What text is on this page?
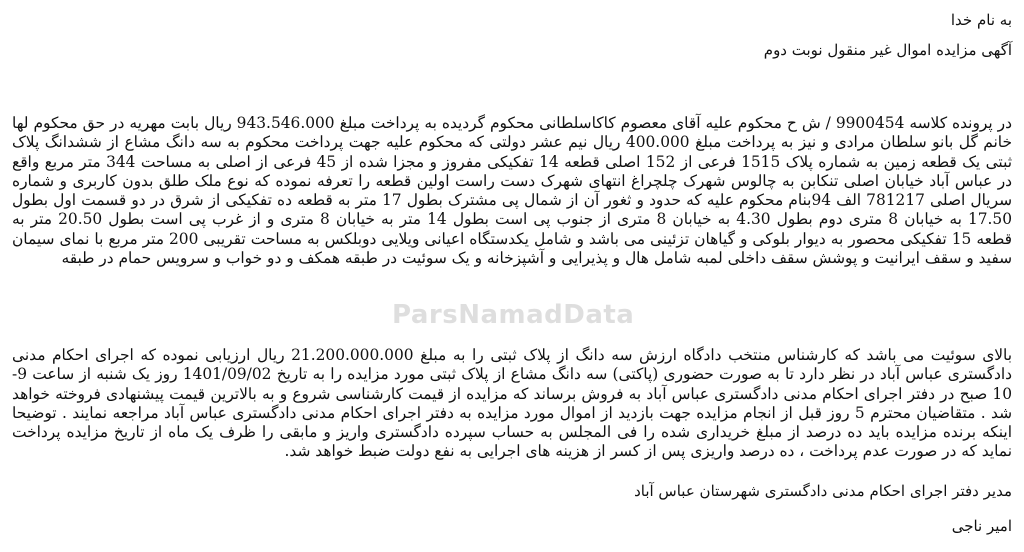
به نام خدا
آگهی مزایده اموال غیر منقول نوبت دوم

در پرونده کلاسه 9900454 / ش ح محکوم علیه آقای معصوم کاکاسلطانی محکوم گردیده به پرداخت مبلغ 943.546.000 ریال بابت مهریه در حق محکوم لها خانم گل بانو سلطان مرادی و نیز به پرداخت مبلغ 400.000 ریال نیم عشر دولتی که محکوم علیه جهت پرداخت محکوم به سه دانگ مشاع از ششدانگ پلاک ثبتی یک قطعه زمین به شماره پلاک 1515 فرعی از 152 اصلی قطعه 14 تفکیکی مفروز و مجزا شده از 45 فرعی از اصلی به مساحت 344 متر مربع واقع در عباس آباد خیابان اصلی تنکابن به چالوس شهرک چلچراغ انتهای شهرک دست راست اولین قطعه را تعرفه نموده که نوع ملک طلق بدون کاربری و شماره سریال اصلی 781217 الف 94بنام محکوم علیه که حدود و ثغور آن از شمال پی مشترک بطول 17 متر به قطعه ده تفکیکی از شرق در دو قسمت اول بطول 17.50 به خیابان 8 متری دوم بطول 4.30 به خیابان 8 متری از جنوب پی است بطول 14 متر به خیابان 8 متری و از غرب پی است بطول 20.50 متر به قطعه 15 تفکیکی محصور به دیوار بلوکی و گیاهان تزئینی می باشد و شامل یکدستگاه اعیانی ویلایی دوبلکس به مساحت تقریبی 200 متر مربع با نمای سیمان سفید و سقف ایرانیت و پوشش سقف داخلی لمبه شامل هال و پذیرایی و آشپزخانه و یک سوئیت در طبقه همکف و دو خواب و سرویس حمام در طبقه

بالای سوئیت می باشد که کارشناس منتخب دادگاه ارزش سه دانگ از پلاک ثبتی را به مبلغ 21.200.000.000 ریال ارزیابی نموده که اجرای احکام مدنی دادگستری عباس آباد در نظر دارد تا به صورت حضوری (پاکتی) سه دانگ مشاع از پلاک ثبتی مورد مزایده را به تاریخ 1401/09/02 روز یک شنبه از ساعت 9-10 صبح در دفتر اجرای احکام مدنی دادگستری عباس آباد به فروش برساند که مزایده از قیمت کارشناسی شروع و به بالاترین قیمت پیشنهادی فروخته خواهد شد . متقاضیان محترم 5 روز قبل از انجام مزایده جهت بازدید از اموال مورد مزایده به دفتر اجرای احکام مدنی دادگستری عباس آباد مراجعه نمایند . توضیحا اینکه برنده مزایده باید ده درصد از مبلغ خریداری شده را فی المجلس به حساب سپرده دادگستری واریز و مابقی را ظرف یک ماه از تاریخ مزایده پرداخت نماید که در صورت عدم پرداخت ، ده درصد واریزی پس از کسر از هزینه های اجرایی به نفع دولت ضبط خواهد شد.

مدیر دفتر اجرای احکام مدنی دادگستری شهرستان عباس آباد
امیر ناجی
ParsNamadData
